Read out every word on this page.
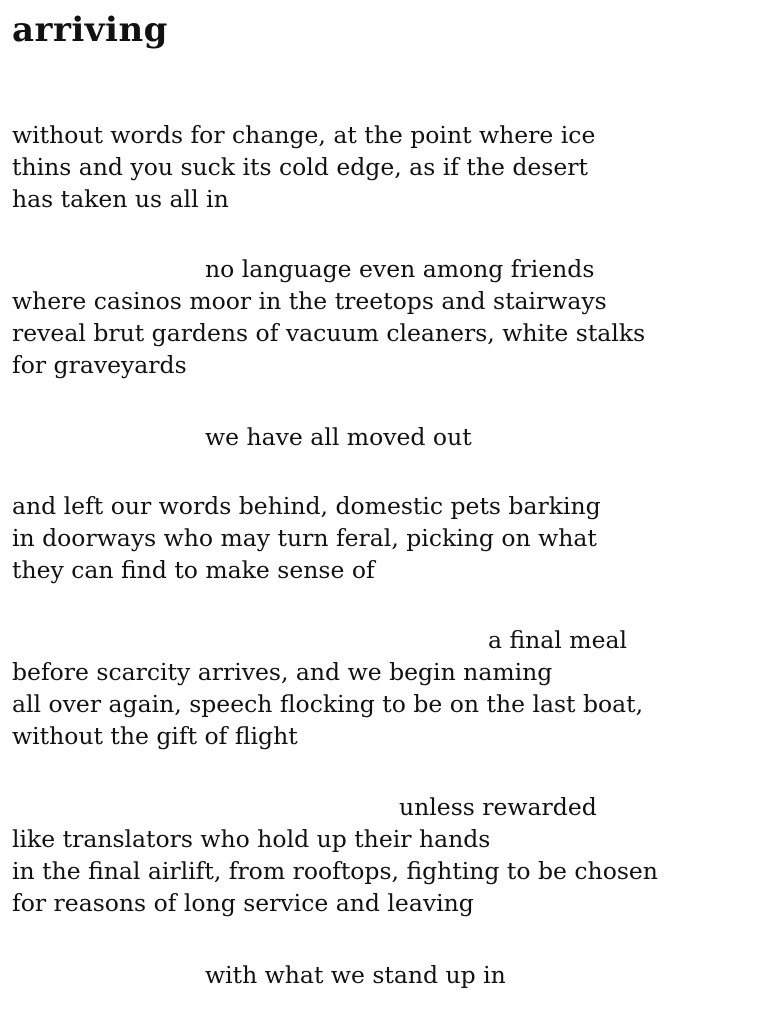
arriving

without words for change, at the point where ice

thins and you suck its cold edge, as if the desert

has taken us all in

no language even among friends

where casinos moor in the treetops and stairways

reveal brut gardens of vacuum cleaners, white stalks

for graveyards

we have all moved out

and left our words behind, domestic pets barking

in doorways who may turn feral, picking on what

they can find to make sense of

a final meal

before scarcity arrives, and we begin naming

all over again, speech flocking to be on the last boat,

without the gift of flight

unless rewarded

like translators who hold up their hands

in the final airlift, from rooftops, fighting to be chosen

for reasons of long service and leaving

with what we stand up in
